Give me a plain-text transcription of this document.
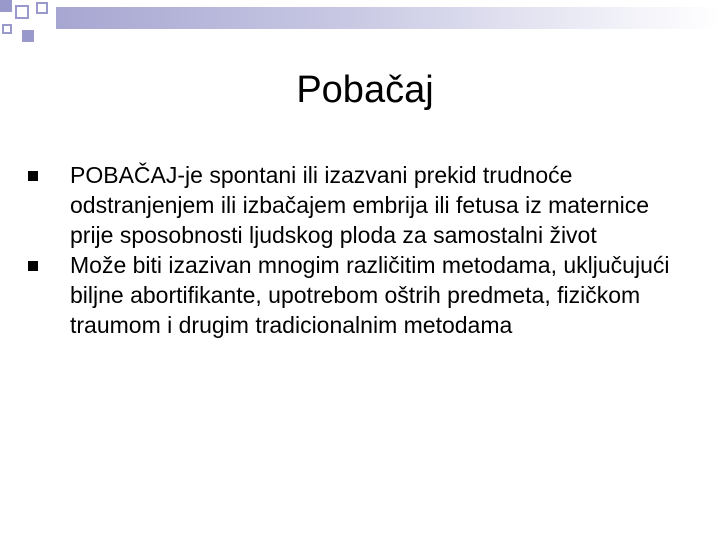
Pobačaj
POBAČAJ-je spontani ili izazvani prekid trudnoće odstranjenjem ili izbačajem embrija ili fetusa iz maternice prije sposobnosti ljudskog ploda za samostalni život
Može biti izazivan mnogim različitim metodama, uključujući biljne abortifikante, upotrebom oštrih predmeta, fizičkom traumom i drugim tradicionalnim metodama
